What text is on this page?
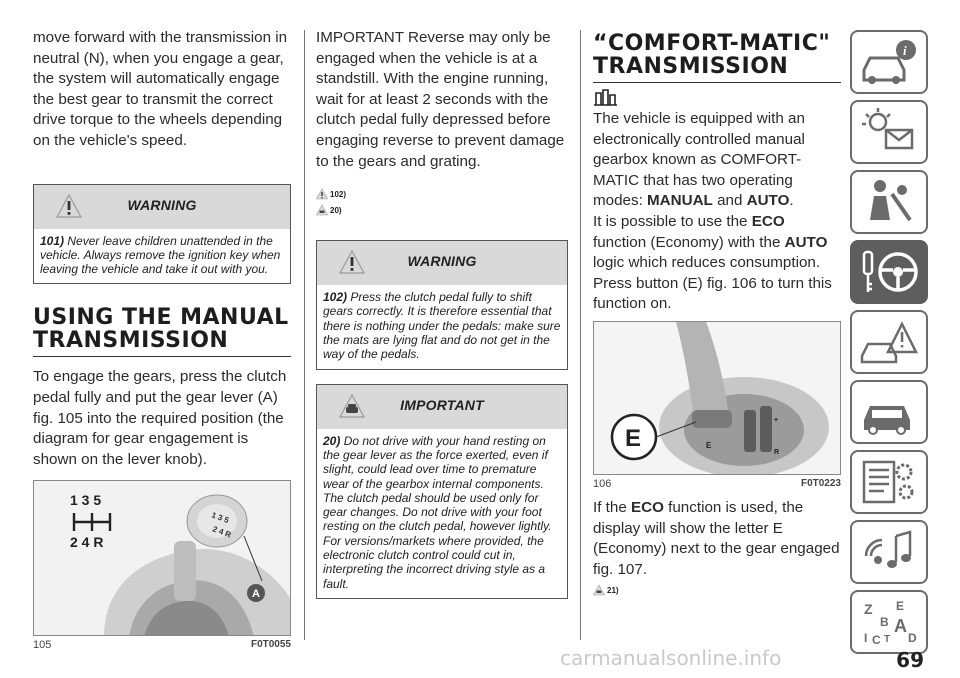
move forward with the transmission in neutral (N), when you engage a gear, the system will automatically engage the best gear to transmit the correct drive torque to the wheels depending on the vehicle's speed.

WARNING
101) Never leave children unattended in the vehicle. Always remove the ignition key when leaving the vehicle and take it out with you.
USING THE MANUAL TRANSMISSION

To engage the gears, press the clutch pedal fully and put the gear lever (A) fig. 105 into the required position (the diagram for gear engagement is shown on the lever knob).

1 3 5
2 4 R
A
1 3 5
2 4 R
105	F0T0055

IMPORTANT Reverse may only be engaged when the vehicle is at a standstill. With the engine running, wait for at least 2 seconds with the clutch pedal fully depressed before engaging reverse to prevent damage to the gears and grating.

102)
20)
WARNING
102) Press the clutch pedal fully to shift gears correctly. It is therefore essential that there is nothing under the pedals: make sure the mats are lying flat and do not get in the way of the pedals.
IMPORTANT
20) Do not drive with your hand resting on the gear lever as the force exerted, even if slight, could lead over time to premature wear of the gearbox internal components. The clutch pedal should be used only for gear changes. Do not drive with your foot resting on the clutch pedal, however lightly. For versions/markets where provided, the electronic clutch control could cut in, interpreting the incorrect driving style as a fault.
“COMFORT-MATIC" TRANSMISSION

The vehicle is equipped with an electronically controlled manual gearbox known as COMFORT-MATIC that has two operating modes: MANUAL and AUTO.

It is possible to use the ECO function (Economy) with the AUTO logic which reduces consumption.

Press button (E) fig. 106 to turn this function on.

E
+
R
E
106	F0T0223

If the ECO function is used, the display will show the letter E (Economy) next to the gear engaged fig. 107.

21)
i
Z E
B A
I C T D
carmanualsonline.info	69
